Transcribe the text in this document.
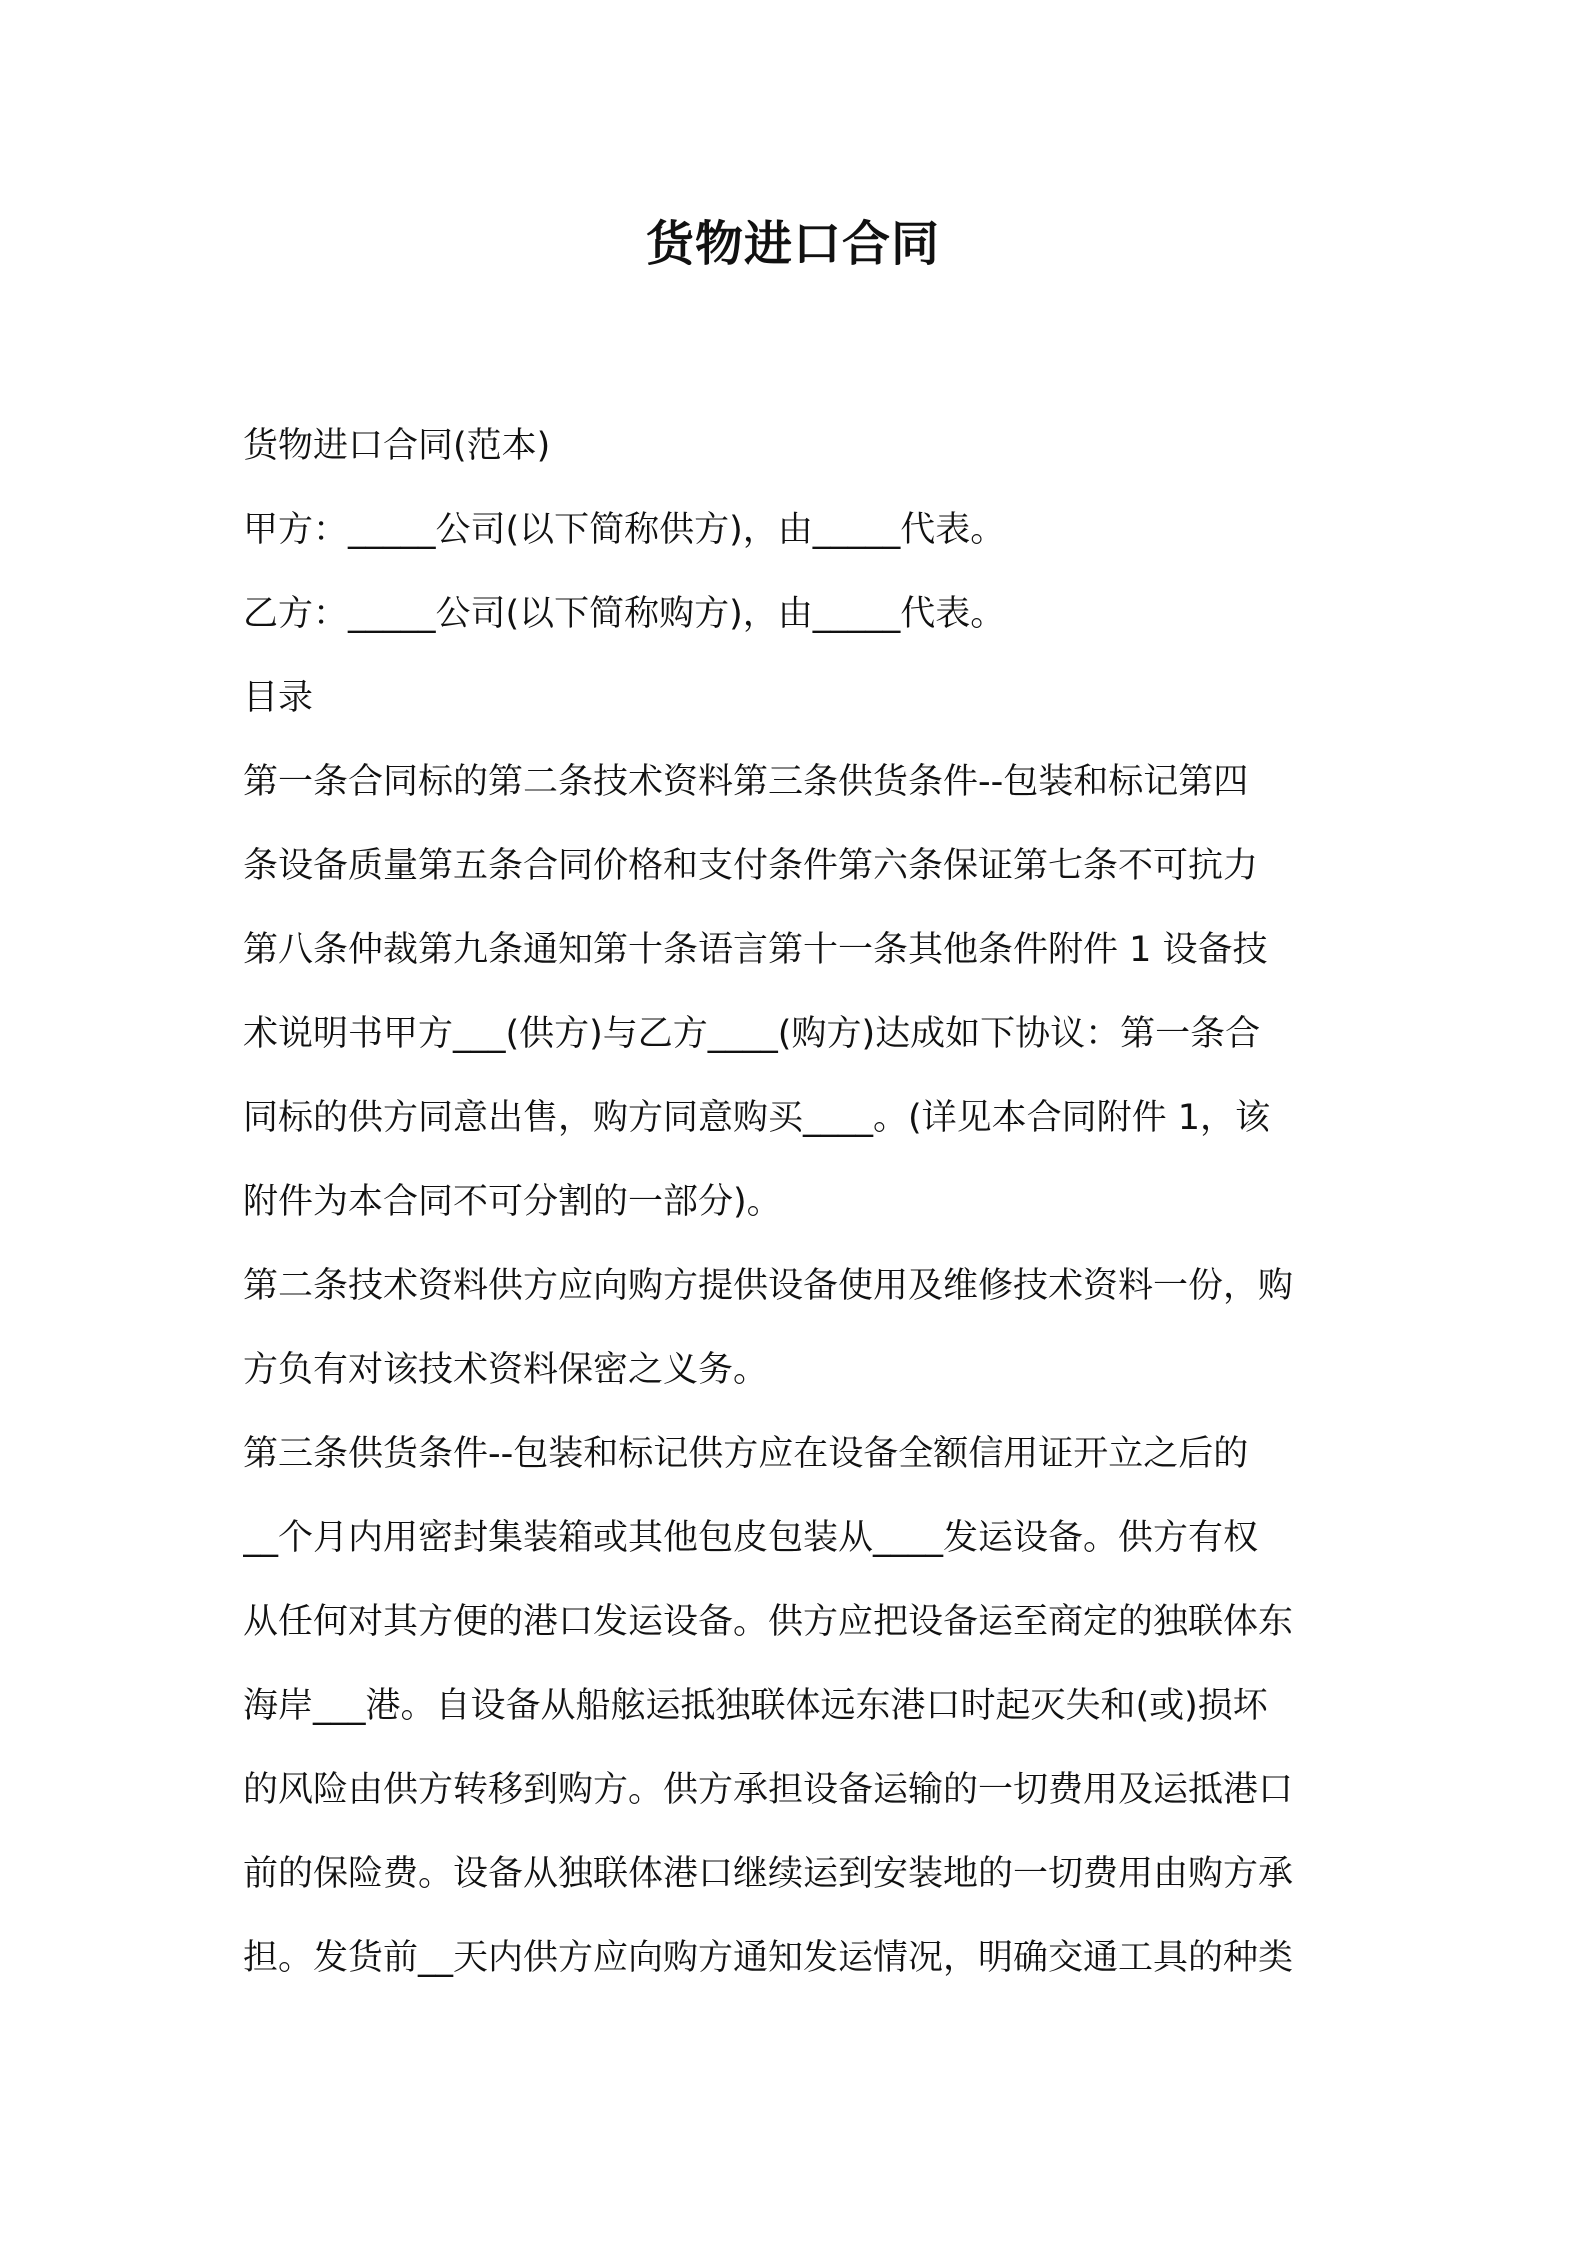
货物进口合同
货物进口合同(范本)
甲方：_____公司(以下简称供方)，由_____代表。
乙方：_____公司(以下简称购方)，由_____代表。
目录
第一条合同标的第二条技术资料第三条供货条件--包装和标记第四
条设备质量第五条合同价格和支付条件第六条保证第七条不可抗力
第八条仲裁第九条通知第十条语言第十一条其他条件附件 1 设备技
术说明书甲方___(供方)与乙方____(购方)达成如下协议：第一条合
同标的供方同意出售，购方同意购买____。(详见本合同附件 1，该
附件为本合同不可分割的一部分)。
第二条技术资料供方应向购方提供设备使用及维修技术资料一份，购
方负有对该技术资料保密之义务。
第三条供货条件--包装和标记供方应在设备全额信用证开立之后的
__个月内用密封集装箱或其他包皮包装从____发运设备。供方有权
从任何对其方便的港口发运设备。供方应把设备运至商定的独联体东
海岸___港。自设备从船舷运抵独联体远东港口时起灭失和(或)损坏
的风险由供方转移到购方。供方承担设备运输的一切费用及运抵港口
前的保险费。设备从独联体港口继续运到安装地的一切费用由购方承
担。发货前__天内供方应向购方通知发运情况，明确交通工具的种类
